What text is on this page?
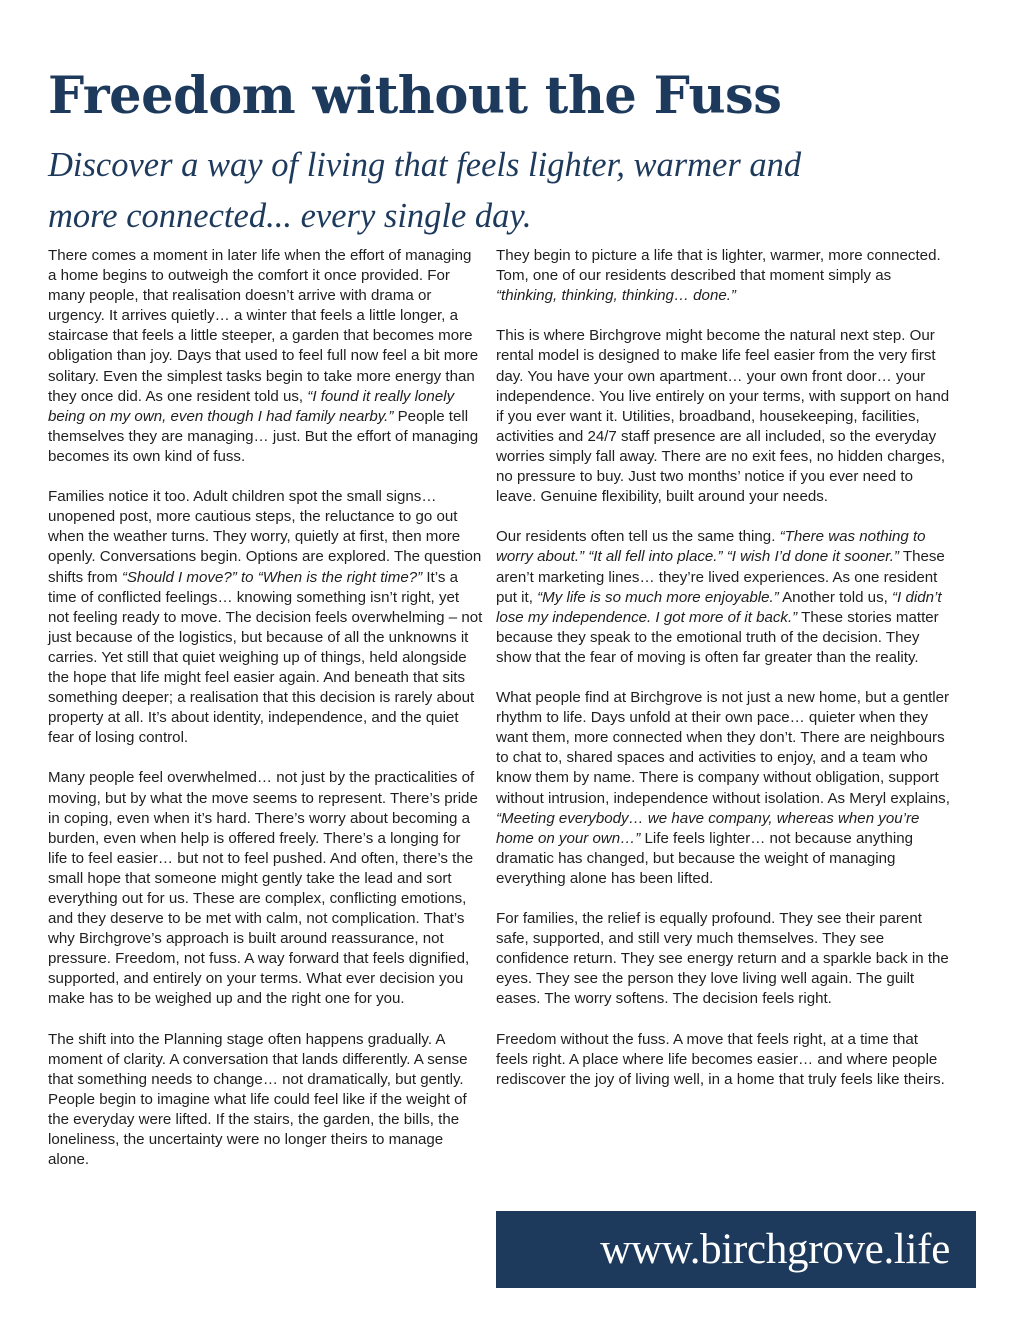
Freedom without the Fuss
Discover a way of living that feels lighter, warmer and
more connected... every single day.

There comes a moment in later life when the effort of managing a home begins to outweigh the comfort it once provided. For many people, that realisation doesn’t arrive with drama or urgency. It arrives quietly… a winter that feels a little longer, a staircase that feels a little steeper, a garden that becomes more obligation than joy. Days that used to feel full now feel a bit more solitary. Even the simplest tasks begin to take more energy than they once did. As one resident told us, “I found it really lonely being on my own, even though I had family nearby.” People tell themselves they are managing… just. But the effort of managing becomes its own kind of fuss.

Families notice it too. Adult children spot the small signs… unopened post, more cautious steps, the reluctance to go out when the weather turns. They worry, quietly at first, then more openly. Conversations begin. Options are explored. The question shifts from “Should I move?” to “When is the right time?” It’s a time of conflicted feelings… knowing something isn’t right, yet not feeling ready to move. The decision feels overwhelming – not just because of the logistics, but because of all the unknowns it carries. Yet still that quiet weighing up of things, held alongside the hope that life might feel easier again. And beneath that sits something deeper; a realisation that this decision is rarely about property at all. It’s about identity, independence, and the quiet fear of losing control.

Many people feel overwhelmed… not just by the practicalities of moving, but by what the move seems to represent. There’s pride in coping, even when it’s hard. There’s worry about becoming a burden, even when help is offered freely. There’s a longing for life to feel easier… but not to feel pushed. And often, there’s the small hope that someone might gently take the lead and sort everything out for us. These are complex, conflicting emotions, and they deserve to be met with calm, not complication. That’s why Birchgrove’s approach is built around reassurance, not pressure. Freedom, not fuss. A way forward that feels dignified, supported, and entirely on your terms. What ever decision you make has to be weighed up and the right one for you.

The shift into the Planning stage often happens gradually. A moment of clarity. A conversation that lands differently. A sense that something needs to change… not dramatically, but gently. People begin to imagine what life could feel like if the weight of the everyday were lifted. If the stairs, the garden, the bills, the loneliness, the uncertainty were no longer theirs to manage alone.

They begin to picture a life that is lighter, warmer, more connected. Tom, one of our residents described that moment simply as “thinking, thinking, thinking… done.”

This is where Birchgrove might become the natural next step. Our rental model is designed to make life feel easier from the very first day. You have your own apartment… your own front door… your independence. You live entirely on your terms, with support on hand if you ever want it. Utilities, broadband, housekeeping, facilities, activities and 24/7 staff presence are all included, so the everyday worries simply fall away. There are no exit fees, no hidden charges, no pressure to buy. Just two months’ notice if you ever need to leave. Genuine flexibility, built around your needs.

Our residents often tell us the same thing. “There was nothing to worry about.” “It all fell into place.” “I wish I’d done it sooner.” These aren’t marketing lines… they’re lived experiences. As one resident put it, “My life is so much more enjoyable.” Another told us, “I didn’t lose my independence. I got more of it back.” These stories matter because they speak to the emotional truth of the decision. They show that the fear of moving is often far greater than the reality.

What people find at Birchgrove is not just a new home, but a gentler rhythm to life. Days unfold at their own pace… quieter when they want them, more connected when they don’t. There are neighbours to chat to, shared spaces and activities to enjoy, and a team who know them by name. There is company without obligation, support without intrusion, independence without isolation. As Meryl explains, “Meeting everybody… we have company, whereas when you’re home on your own…” Life feels lighter… not because anything dramatic has changed, but because the weight of managing everything alone has been lifted.

For families, the relief is equally profound. They see their parent safe, supported, and still very much themselves. They see confidence return. They see energy return and a sparkle back in the eyes. They see the person they love living well again. The guilt eases. The worry softens. The decision feels right.

Freedom without the fuss. A move that feels right, at a time that feels right. A place where life becomes easier… and where people rediscover the joy of living well, in a home that truly feels like theirs.

www.birchgrove.life
